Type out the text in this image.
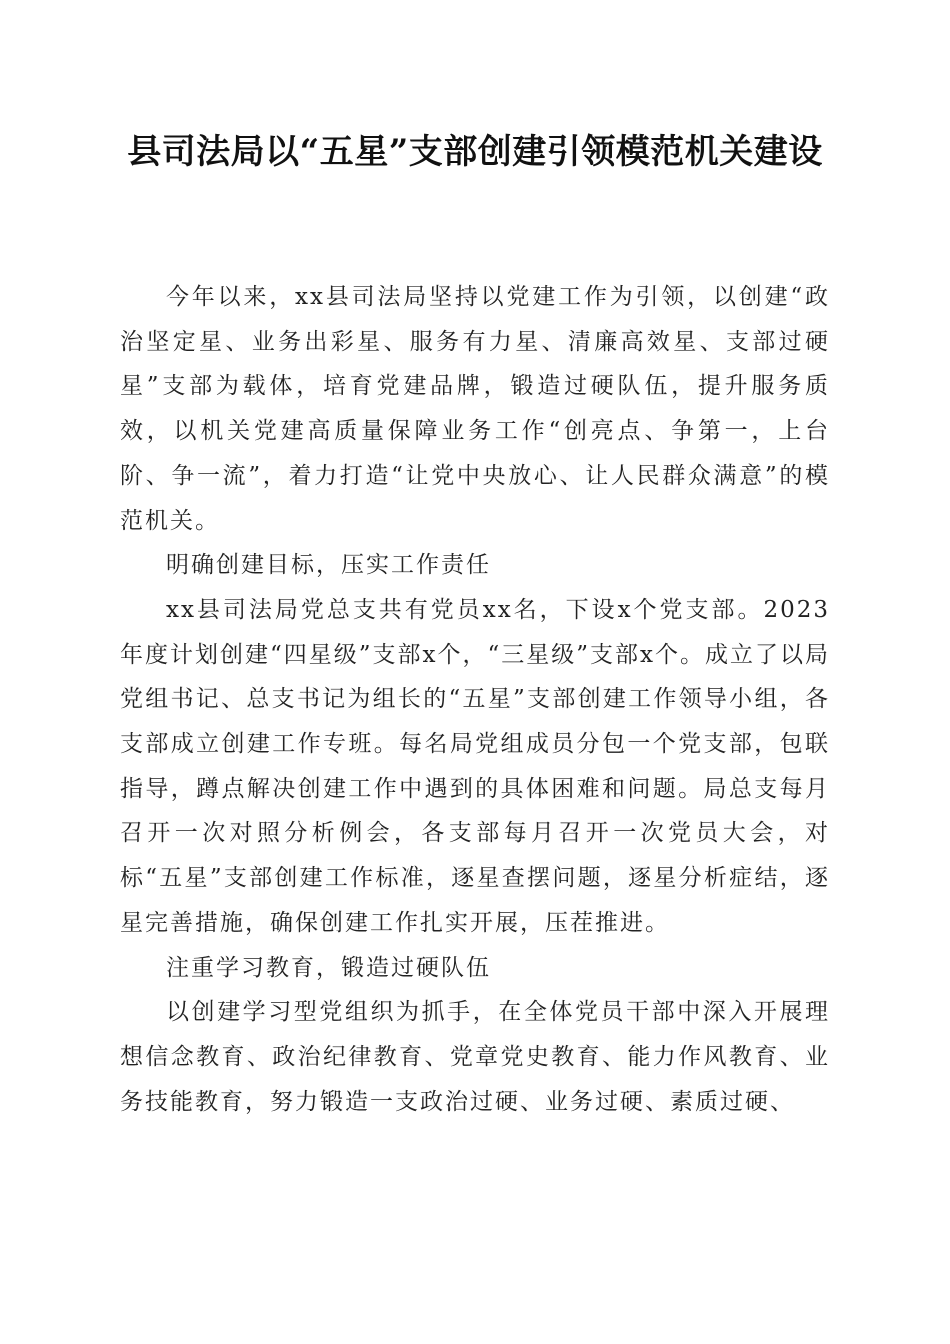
县司法局以“五星”支部创建引领模范机关建设

今年以来，xx县司法局坚持以党建工作为引领，以创建“政治坚定星、业务出彩星、服务有力星、清廉高效星、支部过硬星”支部为载体，培育党建品牌，锻造过硬队伍，提升服务质效，以机关党建高质量保障业务工作“创亮点、争第一，上台阶、争一流”，着力打造“让党中央放心、让人民群众满意”的模范机关。

明确创建目标，压实工作责任

xx县司法局党总支共有党员xx名，下设x个党支部。2023年度计划创建“四星级”支部x个，“三星级”支部x个。成立了以局党组书记、总支书记为组长的“五星”支部创建工作领导小组，各支部成立创建工作专班。每名局党组成员分包一个党支部，包联指导，蹲点解决创建工作中遇到的具体困难和问题。局总支每月召开一次对照分析例会，各支部每月召开一次党员大会，对标“五星”支部创建工作标准，逐星查摆问题，逐星分析症结，逐星完善措施，确保创建工作扎实开展，压茬推进。

注重学习教育，锻造过硬队伍

以创建学习型党组织为抓手，在全体党员干部中深入开展理想信念教育、政治纪律教育、党章党史教育、能力作风教育、业务技能教育，努力锻造一支政治过硬、业务过硬、素质过硬、
